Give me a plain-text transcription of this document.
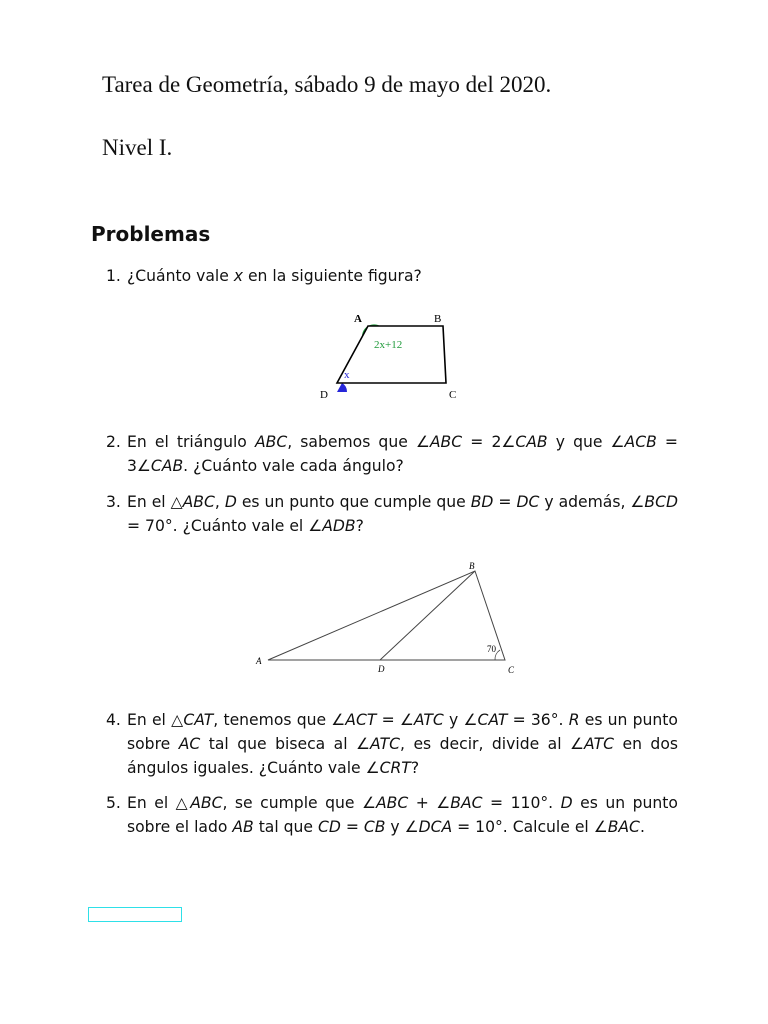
Tarea de Geometría, sábado 9 de mayo del 2020.
Nivel I.
Problemas
1. ¿Cuánto vale x en la siguiente figura?
A	B
C
D
2x+12
x
2. En el triángulo ABC, sabemos que ∠ABC = 2∠CAB y que ∠ACB = 3∠CAB. ¿Cuánto vale cada ángulo?
3. En el △ABC, D es un punto que cumple que BD = DC y además, ∠BCD = 70°. ¿Cuánto vale el ∠ADB?
A
B
C
D
70
4. En el △CAT, tenemos que ∠ACT = ∠ATC y ∠CAT = 36°. R es un punto sobre AC tal que biseca al ∠ATC, es decir, divide al ∠ATC en dos ángulos iguales. ¿Cuánto vale ∠CRT?
5. En el △ABC, se cumple que ∠ABC + ∠BAC = 110°. D es un punto sobre el lado AB tal que CD = CB y ∠DCA = 10°. Calcule el ∠BAC.
